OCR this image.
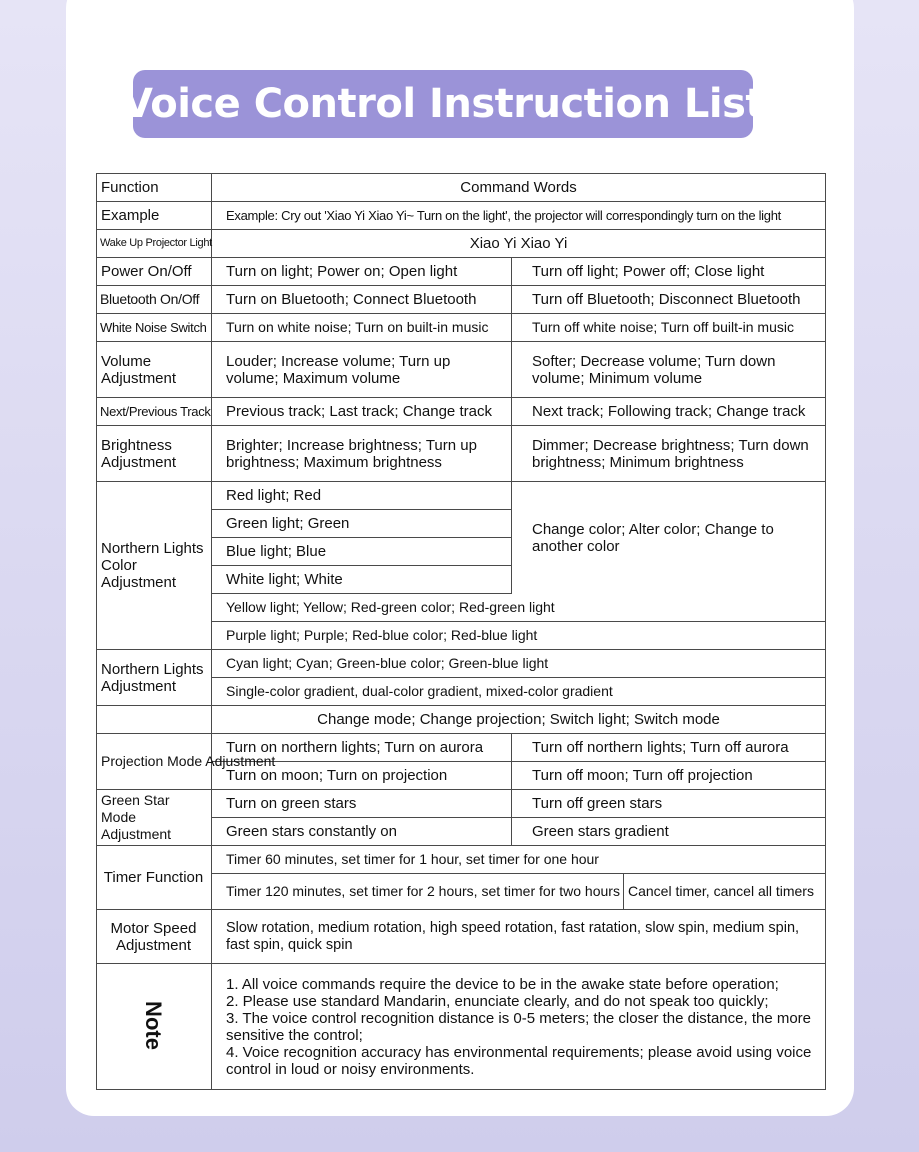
Voice Control Instruction List
Function	Command Words		
Example	Example: Cry out 'Xiao Yi Xiao Yi~ Turn on the light', the projector will correspondingly turn on the light		
Wake Up Projector Light	Xiao Yi Xiao Yi		
Power On/Off	Turn on light; Power on; Open light	Turn off light; Power off; Close light	
Bluetooth On/Off	Turn on Bluetooth; Connect Bluetooth	Turn off Bluetooth; Disconnect Bluetooth	
White Noise Switch	Turn on white noise; Turn on built-in music	Turn off white noise; Turn off built-in music	
Volume Adjustment	Louder; Increase volume; Turn up volume; Maximum volume	Softer; Decrease volume; Turn down volume; Minimum volume	
Next/Previous Track	Previous track; Last track; Change track	Next track; Following track; Change track	
Brightness Adjustment	Brighter; Increase brightness; Turn up brightness; Maximum brightness	Dimmer; Decrease brightness; Turn down brightness; Minimum brightness	
Northern Lights Color Adjustment	Red light; Red	Change color; Alter color; Change to another color	
	Green light; Green		
	Blue light; Blue		
	White light; White		
	Yellow light; Yellow; Red-green color; Red-green light		
	Purple light; Purple; Red-blue color; Red-blue light		
Northern Lights Adjustment	Cyan light; Cyan; Green-blue color; Green-blue light		
	Single-color gradient, dual-color gradient, mixed-color gradient		
	Change mode; Change projection; Switch light; Switch mode		
Projection Mode Adjustment	Turn on northern lights; Turn on aurora	Turn off northern lights; Turn off aurora	
	Turn on moon; Turn on projection	Turn off moon; Turn off projection	
Green Star Mode Adjustment	Turn on green stars	Turn off green stars	
	Green stars constantly on	Green stars gradient	
Timer Function	Timer 60 minutes, set timer for 1 hour, set timer for one hour		
	Timer 120 minutes, set timer for 2 hours, set timer for two hours		Cancel timer, cancel all timers
Motor Speed Adjustment	Slow rotation, medium rotation, high speed rotation, fast ratation, slow spin, medium spin, fast spin, quick spin		
Note	1. All voice commands require the device to be in the awake state before operation;
2. Please use standard Mandarin, enunciate clearly, and do not speak too quickly;
3. The voice control recognition distance is 0-5 meters; the closer the distance, the more sensitive the control;
4. Voice recognition accuracy has environmental requirements; please avoid using voice control in loud or noisy environments.		
